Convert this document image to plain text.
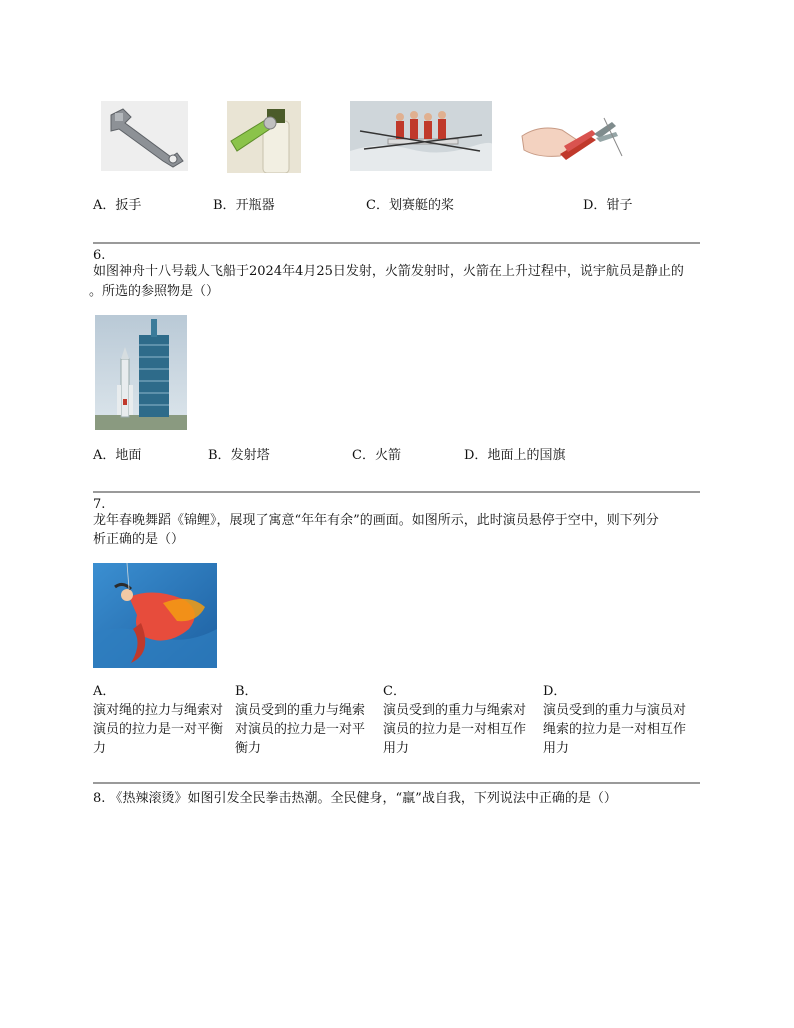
A．扳手	B．开瓶器	C．划赛艇的桨	D．钳子
6.
如图神舟十八号载人飞船于2024年4月25日发射，火箭发射时，火箭在上升过程中，说宇航员是静止的
。所选的参照物是（）
A．地面	B．发射塔	C．火箭	D．地面上的国旗
7.
龙年春晚舞蹈《锦鲤》，展现了寓意“年年有余”的画面。如图所示，此时演员悬停于空中，则下列分
析正确的是（）
A．
演对绳的拉力与绳索对
演员的拉力是一对平衡
力
B．
演员受到的重力与绳索
对演员的拉力是一对平
衡力
C．
演员受到的重力与绳索对
演员的拉力是一对相互作
用力
D．
演员受到的重力与演员对
绳索的拉力是一对相互作
用力
8. 《热辣滚烫》如图引发全民拳击热潮。全民健身，“羸”战自我，下列说法中正确的是（）
